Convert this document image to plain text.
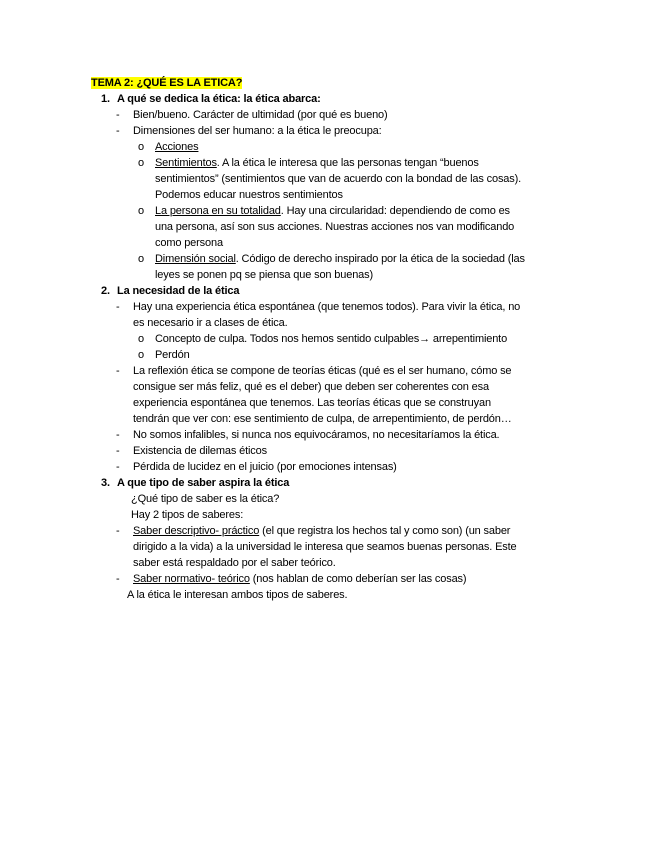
TEMA 2: ¿QUÉ ES LA ETICA?
1. A qué se dedica la ética: la ética abarca:
- Bien/bueno. Carácter de ultimidad (por qué es bueno)
- Dimensiones del ser humano: a la ética le preocupa:
o Acciones
o Sentimientos. A la ética le interesa que las personas tengan “buenos
sentimientos” (sentimientos que van de acuerdo con la bondad de las cosas).
Podemos educar nuestros sentimientos
o La persona en su totalidad. Hay una circularidad: dependiendo de como es
una persona, así son sus acciones. Nuestras acciones nos van modificando
como persona
o Dimensión social. Código de derecho inspirado por la ética de la sociedad (las
leyes se ponen pq se piensa que son buenas)
2. La necesidad de la ética
- Hay una experiencia ética espontánea (que tenemos todos). Para vivir la ética, no
es necesario ir a clases de ética.
o Concepto de culpa. Todos nos hemos sentido culpables→ arrepentimiento
o Perdón
- La reflexión ética se compone de teorías éticas (qué es el ser humano, cómo se
consigue ser más feliz, qué es el deber) que deben ser coherentes con esa
experiencia espontánea que tenemos. Las teorías éticas que se construyan
tendrán que ver con: ese sentimiento de culpa, de arrepentimiento, de perdón…
- No somos infalibles, si nunca nos equivocáramos, no necesitaríamos la ética.
- Existencia de dilemas éticos
- Pérdida de lucidez en el juicio (por emociones intensas)
3. A que tipo de saber aspira la ética
¿Qué tipo de saber es la ética?
Hay 2 tipos de saberes:
- Saber descriptivo- práctico (el que registra los hechos tal y como son) (un saber
dirigido a la vida) a la universidad le interesa que seamos buenas personas. Este
saber está respaldado por el saber teórico.
- Saber normativo- teórico (nos hablan de como deberían ser las cosas)
A la ética le interesan ambos tipos de saberes.
